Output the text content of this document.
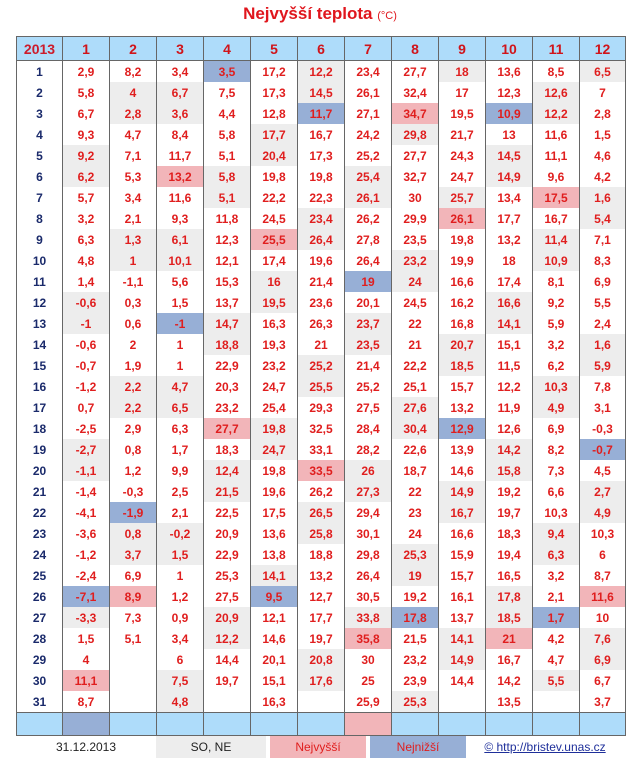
Nejvyšší teplota (°C)
2013	1	2	3	4	5	6	7	8	9	10	11	12
1	2,9	8,2	3,4	3,5	17,2	12,2	23,4	27,7	18	13,6	8,5	6,5
2	5,8	4	6,7	7,5	17,3	14,5	26,1	32,4	17	12,3	12,6	7
3	6,7	2,8	3,6	4,4	12,8	11,7	27,1	34,7	19,5	10,9	12,2	2,8
4	9,3	4,7	8,4	5,8	17,7	16,7	24,2	29,8	21,7	13	11,6	1,5
5	9,2	7,1	11,7	5,1	20,4	17,3	25,2	27,7	24,3	14,5	11,1	4,6
6	6,2	5,3	13,2	5,8	19,8	19,8	25,4	32,7	24,7	14,9	9,6	4,2
7	5,7	3,4	11,6	5,1	22,2	22,3	26,1	30	25,7	13,4	17,5	1,6
8	3,2	2,1	9,3	11,8	24,5	23,4	26,2	29,9	26,1	17,7	16,7	5,4
9	6,3	1,3	6,1	12,3	25,5	26,4	27,8	23,5	19,8	13,2	11,4	7,1
10	4,8	1	10,1	12,1	17,4	19,6	26,4	23,2	19,9	18	10,9	8,3
11	1,4	-1,1	5,6	15,3	16	21,4	19	24	16,6	17,4	8,1	6,9
12	-0,6	0,3	1,5	13,7	19,5	23,6	20,1	24,5	16,2	16,6	9,2	5,5
13	-1	0,6	-1	14,7	16,3	26,3	23,7	22	16,8	14,1	5,9	2,4
14	-0,6	2	1	18,8	19,3	21	23,5	21	20,7	15,1	3,2	1,6
15	-0,7	1,9	1	22,9	23,2	25,2	21,4	22,2	18,5	11,5	6,2	5,9
16	-1,2	2,2	4,7	20,3	24,7	25,5	25,2	25,1	15,7	12,2	10,3	7,8
17	0,7	2,2	6,5	23,2	25,4	29,3	27,5	27,6	13,2	11,9	4,9	3,1
18	-2,5	2,9	6,3	27,7	19,8	32,5	28,4	30,4	12,9	12,6	6,9	-0,3
19	-2,7	0,8	1,7	18,3	24,7	33,1	28,2	22,6	13,9	14,2	8,2	-0,7
20	-1,1	1,2	9,9	12,4	19,8	33,5	26	18,7	14,6	15,8	7,3	4,5
21	-1,4	-0,3	2,5	21,5	19,6	26,2	27,3	22	14,9	19,2	6,6	2,7
22	-4,1	-1,9	2,1	22,5	17,5	26,5	29,4	23	16,7	19,7	10,3	4,9
23	-3,6	0,8	-0,2	20,9	13,6	25,8	30,1	24	16,6	18,3	9,4	10,3
24	-1,2	3,7	1,5	22,9	13,8	18,8	29,8	25,3	15,9	19,4	6,3	6
25	-2,4	6,9	1	25,3	14,1	13,2	26,4	19	15,7	16,5	3,2	8,7
26	-7,1	8,9	1,2	27,5	9,5	12,7	30,5	19,2	16,1	17,8	2,1	11,6
27	-3,3	7,3	0,9	20,9	12,1	17,7	33,8	17,8	13,7	18,5	1,7	10
28	1,5	5,1	3,4	12,2	14,6	19,7	35,8	21,5	14,1	21	4,2	7,6
29	4		6	14,4	20,1	20,8	30	23,2	14,9	16,7	4,7	6,9
30	11,1		7,5	19,7	15,1	17,6	25	23,9	14,4	14,2	5,5	6,7
31	8,7		4,8		16,3		25,9	25,3		13,5		3,7

31.12.2013	SO, NE	Nejvyšší	Nejnižší	© http://bristev.unas.cz
